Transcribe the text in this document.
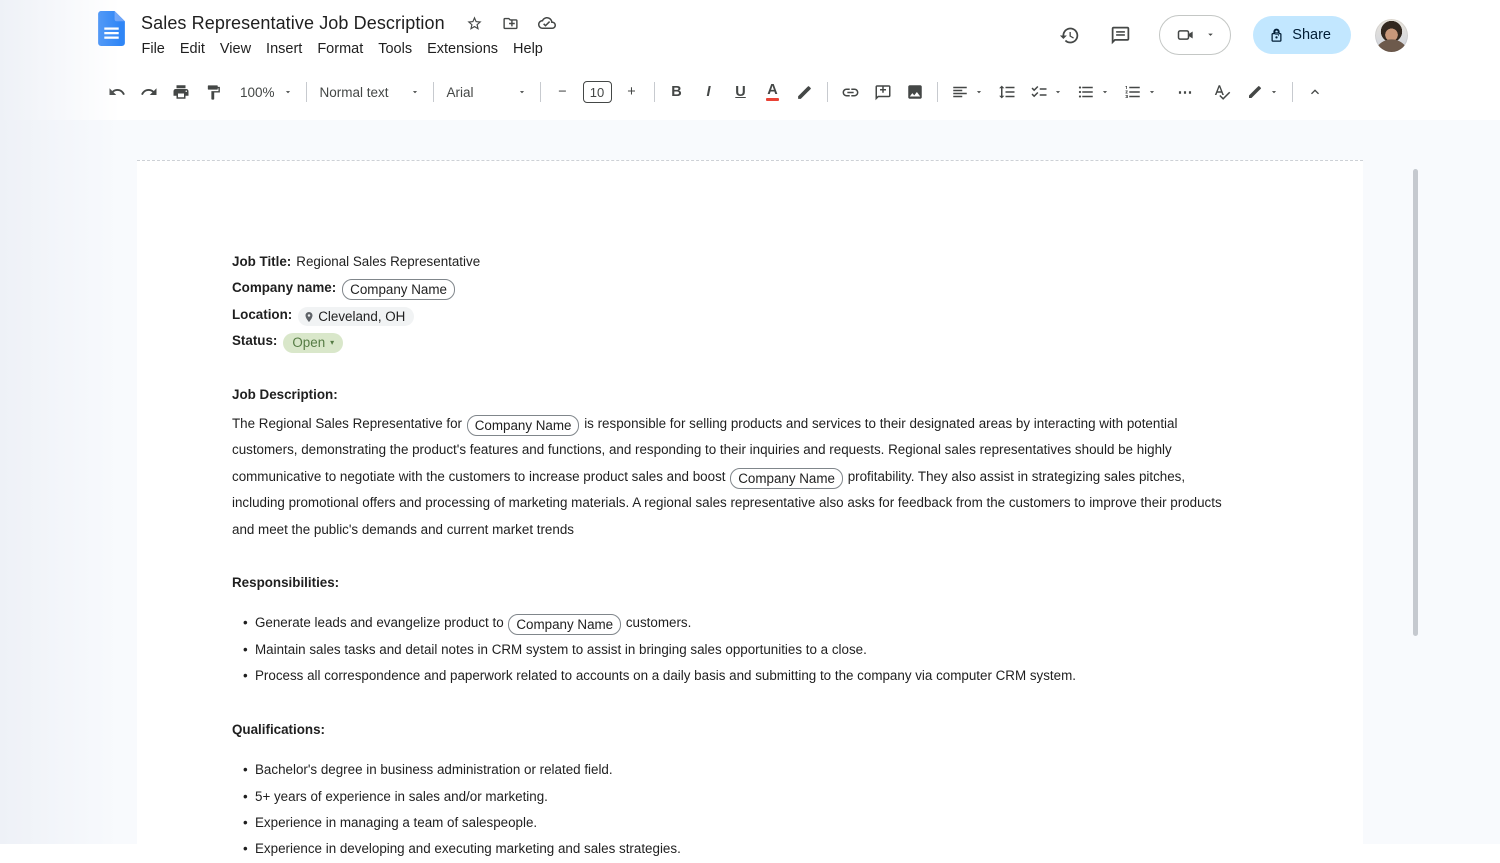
Sales Representative Job Description
File	Edit	View	Insert	Format	Tools	Extensions	Help
Share
100%	Normal text	Arial	−	10	+ B I U A	⋯
Job Title: Regional Sales Representative
Company name: Company Name
Location: Cleveland, OH
Status: Open ▾
Job Description:
The Regional Sales Representative for Company Name is responsible for selling products and services to their designated areas by interacting with potential customers, demonstrating the product's features and functions, and responding to their inquiries and requests. Regional sales representatives should be highly communicative to negotiate with the customers to increase product sales and boost Company Name profitability. They also assist in strategizing sales pitches, including promotional offers and processing of marketing materials. A regional sales representative also asks for feedback from the customers to improve their products and meet the public's demands and current market trends
Responsibilities:
• Generate leads and evangelize product to Company Name customers.
• Maintain sales tasks and detail notes in CRM system to assist in bringing sales opportunities to a close.
• Process all correspondence and paperwork related to accounts on a daily basis and submitting to the company via computer CRM system.
Qualifications:
• Bachelor's degree in business administration or related field.
• 5+ years of experience in sales and/or marketing.
• Experience in managing a team of salespeople.
• Experience in developing and executing marketing and sales strategies.
